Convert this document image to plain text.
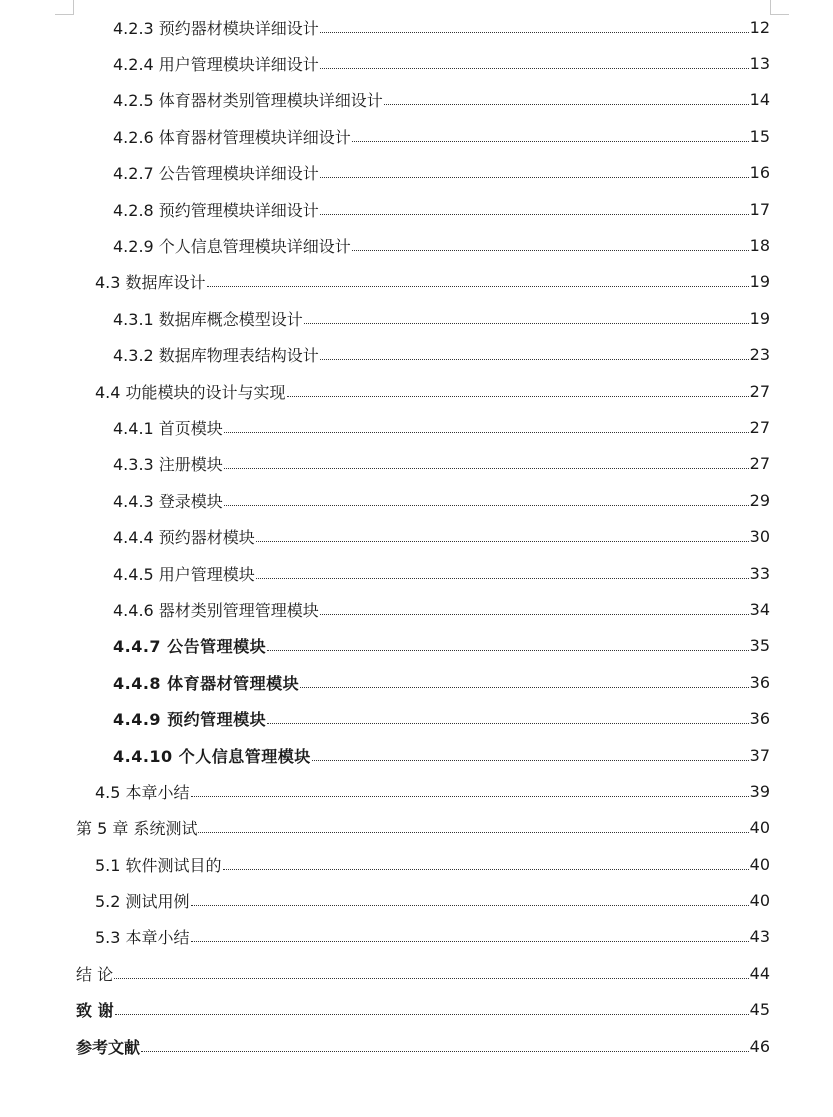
4.2.3 预约器材模块详细设计	12
4.2.4 用户管理模块详细设计	13
4.2.5 体育器材类别管理模块详细设计	14
4.2.6 体育器材管理模块详细设计	15
4.2.7 公告管理模块详细设计	16
4.2.8 预约管理模块详细设计	17
4.2.9 个人信息管理模块详细设计	18
4.3 数据库设计	19
4.3.1 数据库概念模型设计	19
4.3.2 数据库物理表结构设计	23
4.4 功能模块的设计与实现	27
4.4.1 首页模块	27
4.3.3 注册模块	27
4.4.3 登录模块	29
4.4.4 预约器材模块	30
4.4.5 用户管理模块	33
4.4.6 器材类别管理管理模块	34
4.4.7 公告管理模块	35
4.4.8 体育器材管理模块	36
4.4.9 预约管理模块	36
4.4.10 个人信息管理模块	37
4.5 本章小结	39
第 5 章 系统测试	40
5.1 软件测试目的	40
5.2 测试用例	40
5.3 本章小结	43
结 论	44
致 谢	45
参考文献	46
